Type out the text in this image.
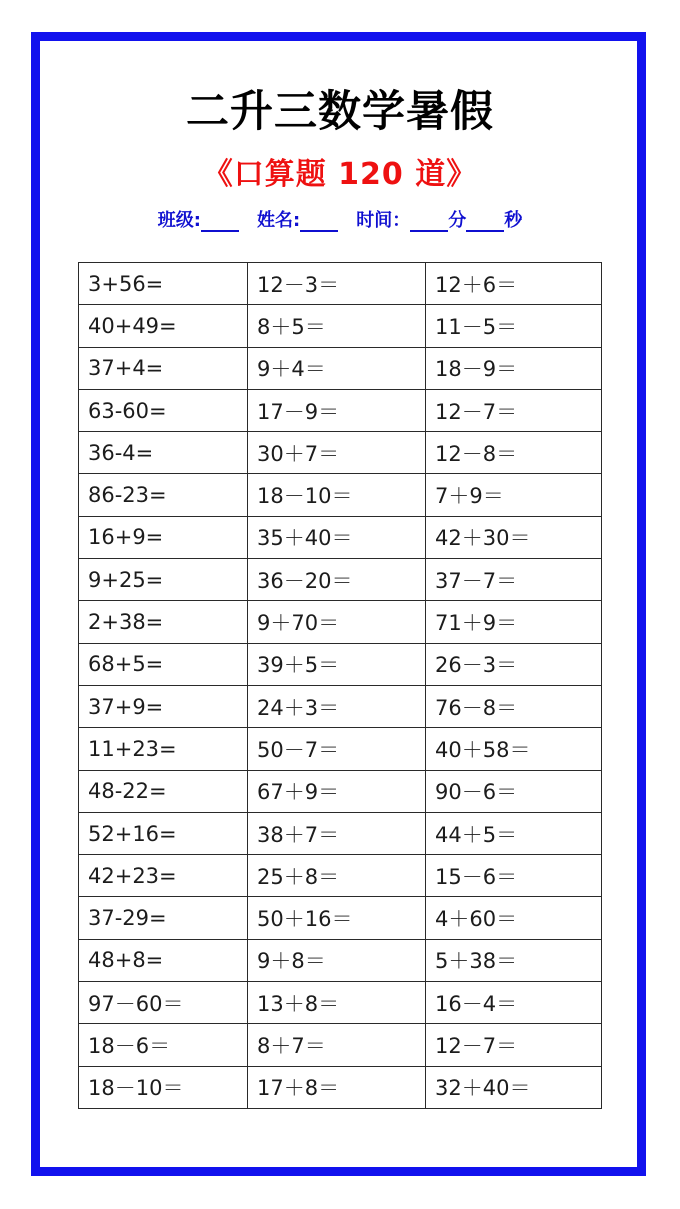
二升三数学暑假
《口算题 120 道》
班级:	姓名:	时间： 分 秒
3+56=	12－3＝	12＋6＝
40+49=	8＋5＝	11－5＝
37+4=	9＋4＝	18－9＝
63-60=	17－9＝	12－7＝
36-4=	30＋7＝	12－8＝
86-23=	18－10＝	7＋9＝
16+9=	35＋40＝	42＋30＝
9+25=	36－20＝	37－7＝
2+38=	9＋70＝	71＋9＝
68+5=	39＋5＝	26－3＝
37+9=	24＋3＝	76－8＝
11+23=	50－7＝	40＋58＝
48-22=	67＋9＝	90－6＝
52+16=	38＋7＝	44＋5＝
42+23=	25＋8＝	15－6＝
37-29=	50＋16＝	4＋60＝
48+8=	9＋8＝	5＋38＝
97－60＝	13＋8＝	16－4＝
18－6＝	8＋7＝	12－7＝
18－10＝	17＋8＝	32＋40＝
